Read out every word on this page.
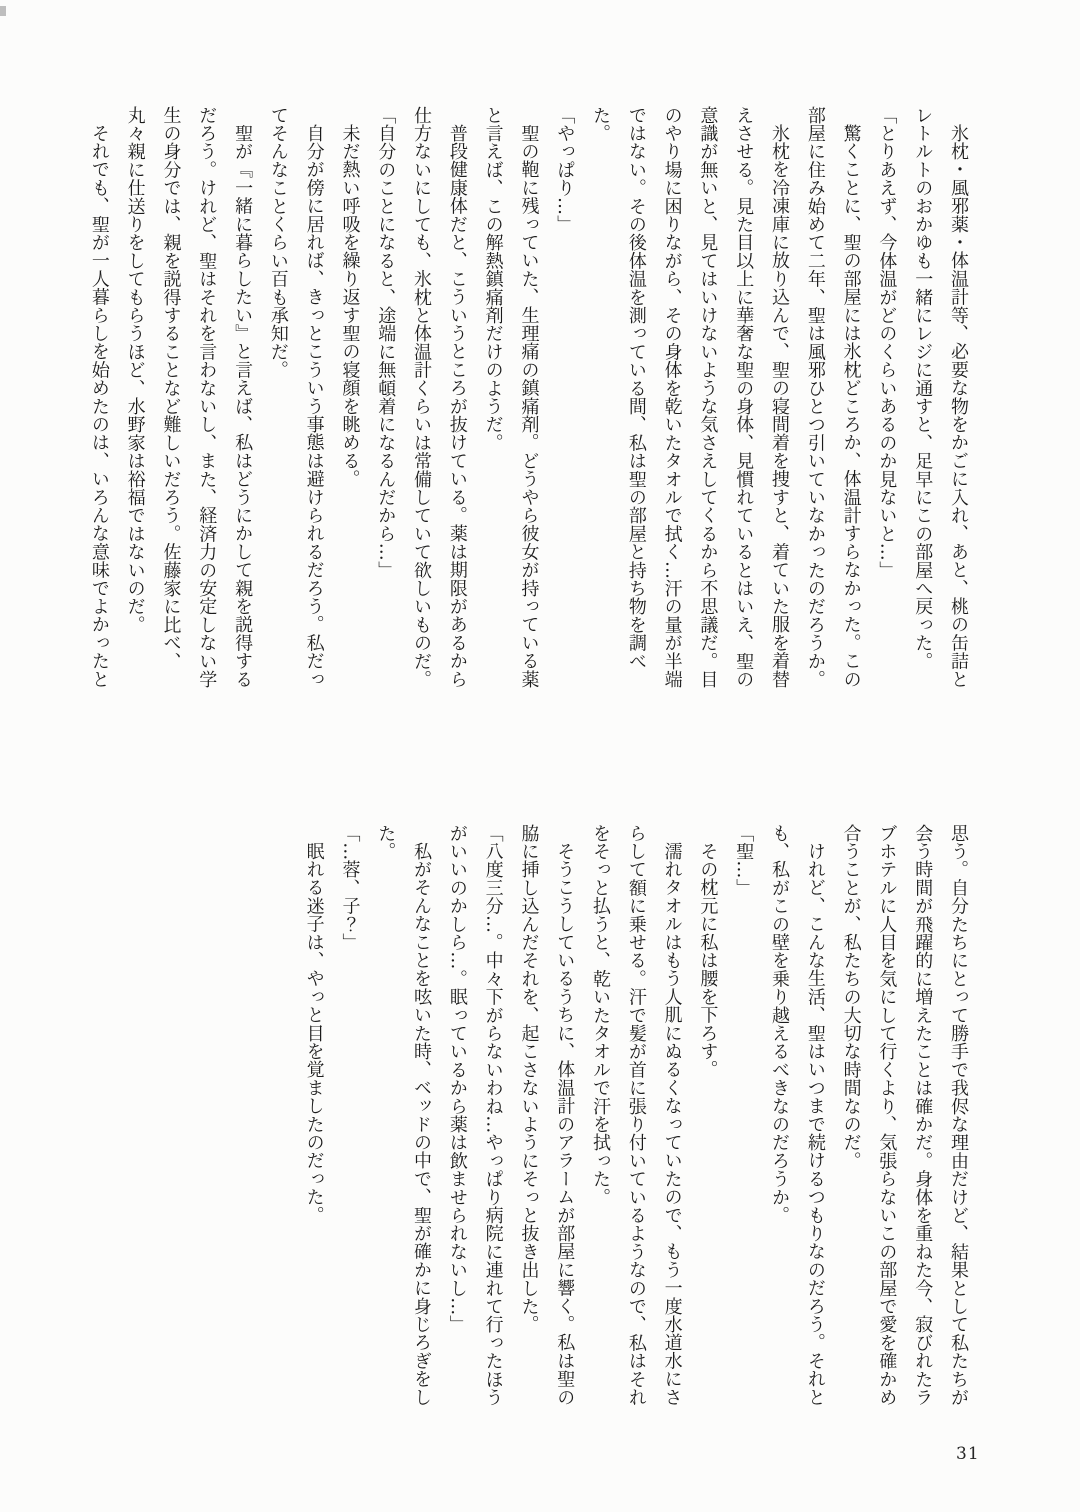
氷枕・風邪薬・体温計等、必要な物をかごに入れ、あと、桃の缶詰とレトルトのおかゆも一緒にレジに通すと、足早にこの部屋へ戻った。

「とりあえず、今体温がどのくらいあるのか見ないと…」

驚くことに、聖の部屋には氷枕どころか、体温計すらなかった。この部屋に住み始めて二年、聖は風邪ひとつ引いていなかったのだろうか。

氷枕を冷凍庫に放り込んで、聖の寝間着を捜すと、着ていた服を着替えさせる。見た目以上に華奢な聖の身体、見慣れているとはいえ、聖の意識が無いと、見てはいけないような気さえしてくるから不思議だ。目のやり場に困りながら、その身体を乾いたタオルで拭く…汗の量が半端ではない。その後体温を測っている間、私は聖の部屋と持ち物を調べた。

「やっぱり…」

聖の鞄に残っていた、生理痛の鎮痛剤。どうやら彼女が持っている薬と言えば、この解熱鎮痛剤だけのようだ。

普段健康体だと、こういうところが抜けている。薬は期限があるから仕方ないにしても、氷枕と体温計くらいは常備していて欲しいものだ。

「自分のことになると、途端に無頓着になるんだから…」

未だ熱い呼吸を繰り返す聖の寝顔を眺める。

自分が傍に居れば、きっとこういう事態は避けられるだろう。私だってそんなことくらい百も承知だ。

聖が『一緒に暮らしたい』と言えば、私はどうにかして親を説得するだろう。けれど、聖はそれを言わないし、また、経済力の安定しない学生の身分では、親を説得することなど難しいだろう。佐藤家に比べ、丸々親に仕送りをしてもらうほど、水野家は裕福ではないのだ。

それでも、聖が一人暮らしを始めたのは、いろんな意味でよかったと

思う。自分たちにとって勝手で我侭な理由だけど、結果として私たちが会う時間が飛躍的に増えたことは確かだ。身体を重ねた今、寂びれたラブホテルに人目を気にして行くより、気張らないこの部屋で愛を確かめ合うことが、私たちの大切な時間なのだ。

けれど、こんな生活、聖はいつまで続けるつもりなのだろう。それとも、私がこの壁を乗り越えるべきなのだろうか。

「聖…」

その枕元に私は腰を下ろす。

濡れタオルはもう人肌にぬるくなっていたので、もう一度水道水にさらして額に乗せる。汗で髪が首に張り付いているようなので、私はそれをそっと払うと、乾いたタオルで汗を拭った。

そうこうしているうちに、体温計のアラームが部屋に響く。私は聖の脇に挿し込んだそれを、起こさないようにそっと抜き出した。

「八度三分…。中々下がらないわね…やっぱり病院に連れて行ったほうがいいのかしら…。眠っているから薬は飲ませられないし…」

私がそんなことを呟いた時、ベッドの中で、聖が確かに身じろぎをした。

「…蓉、子？」

眠れる迷子は、やっと目を覚ましたのだった。

31
